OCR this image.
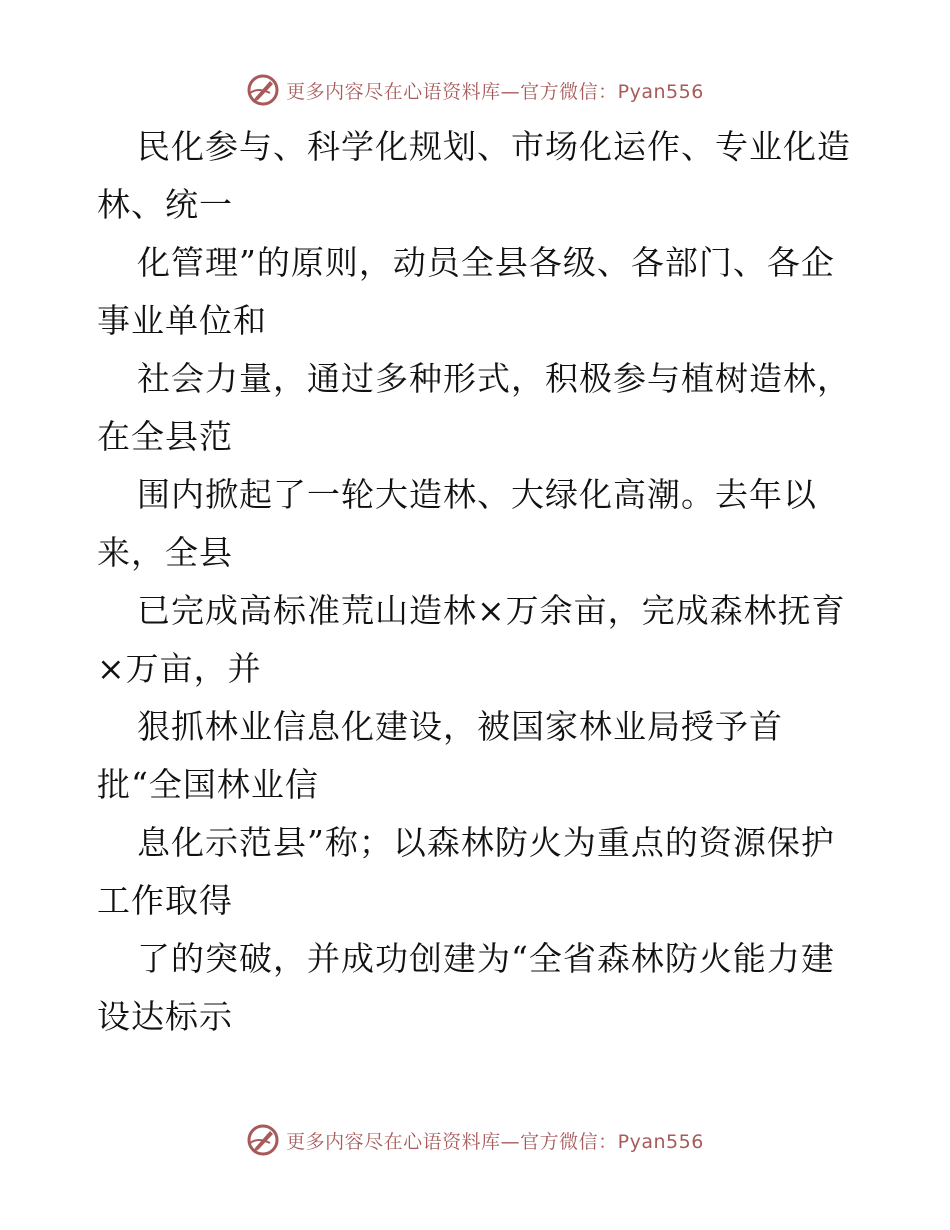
更多内容尽在心语资料库—官方微信：Pyan556
民化参与、科学化规划、市场化运作、专业化造
林、统一
化管理”的原则，动员全县各级、各部门、各企
事业单位和
社会力量，通过多种形式，积极参与植树造林，
在全县范
围内掀起了一轮大造林、大绿化高潮。去年以
来，全县
已完成高标准荒山造林×万余亩，完成森林抚育
×万亩，并
狠抓林业信息化建设，被国家林业局授予首
批“全国林业信
息化示范县”称；以森林防火为重点的资源保护
工作取得
了的突破，并成功创建为“全省森林防火能力建
设达标示
更多内容尽在心语资料库—官方微信：Pyan556
